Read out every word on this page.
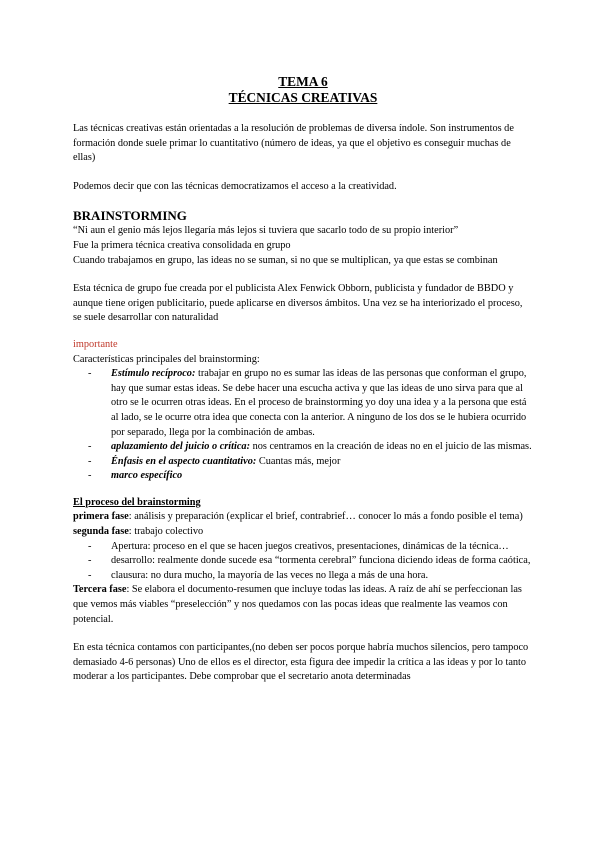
TEMA 6

TÉCNICAS CREATIVAS

Las técnicas creativas están orientadas a la resolución de problemas de diversa índole. Son instrumentos de formación donde suele primar lo cuantitativo (número de ideas, ya que el objetivo es conseguir muchas de ellas)

Podemos decir que con las técnicas democratizamos el acceso a la creatividad.

BRAINSTORMING

“Ni aun el genio más lejos llegaría más lejos si tuviera que sacarlo todo de su propio interior”

Fue la primera técnica creativa consolidada en grupo

Cuando trabajamos en grupo, las ideas no se suman, si no que se multiplican, ya que estas se combinan

Esta técnica de grupo fue creada por el publicista Alex Fenwick Obborn, publicista y fundador de BBDO y aunque tiene origen publicitario, puede aplicarse en diversos ámbitos. Una vez se ha interiorizado el proceso, se suele desarrollar con naturalidad

importante

Características principales del brainstorming:

- Estímulo recíproco: trabajar en grupo no es sumar las ideas de las personas que conforman el grupo, hay que sumar estas ideas. Se debe hacer una escucha activa y que las ideas de uno sirva para que al otro se le ocurren otras ideas. En el proceso de brainstorming yo doy una idea y a la persona que está al lado, se le ocurre otra idea que conecta con la anterior. A ninguno de los dos se le hubiera ocurrido por separado, llega por la combinación de ambas.
- aplazamiento del juicio o crítica: nos centramos en la creación de ideas no en el juicio de las mismas.
- Énfasis en el aspecto cuantitativo: Cuantas más, mejor
- marco específico

El proceso del brainstorming

primera fase: análisis y preparación (explicar el brief, contrabrief… conocer lo más a fondo posible el tema)

segunda fase: trabajo colectivo

- Apertura: proceso en el que se hacen juegos creativos, presentaciones, dinámicas de la técnica…
- desarrollo: realmente donde sucede esa “tormenta cerebral” funciona diciendo ideas de forma caótica,
- clausura: no dura mucho, la mayoría de las veces no llega a más de una hora.

Tercera fase: Se elabora el documento-resumen que incluye todas las ideas. A raíz de ahí se perfeccionan las que vemos más viables “preselección” y nos quedamos con las pocas ideas que realmente las veamos con potencial.

En esta técnica contamos con participantes,(no deben ser pocos porque habría muchos silencios, pero tampoco demasiado 4-6 personas) Uno de ellos es el director, esta figura dee impedir la crítica a las ideas y por lo tanto moderar a los participantes. Debe comprobar que el secretario anota determinadas
